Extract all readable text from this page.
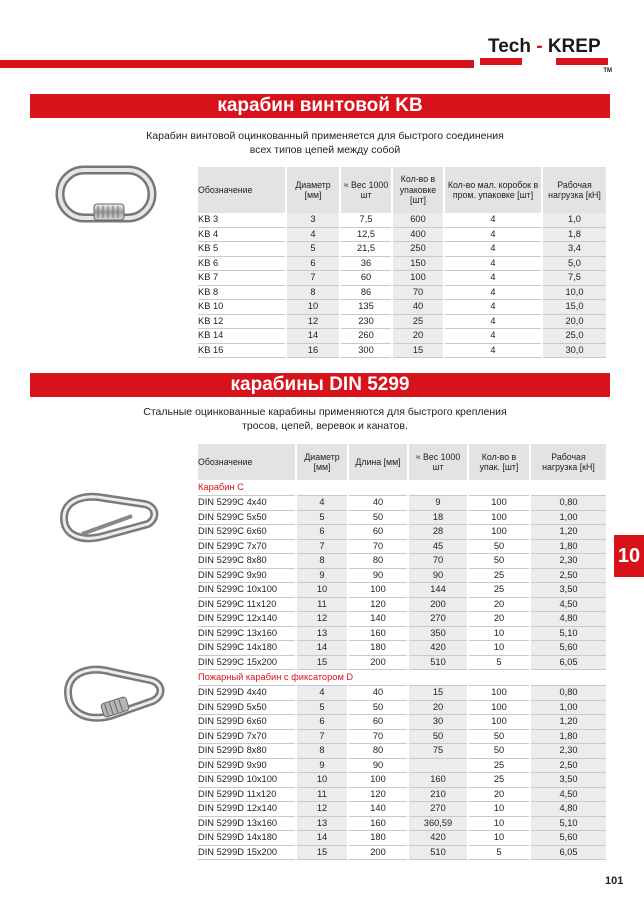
Tech - KREP
TM
карабин винтовой KB
Карабин винтовой оцинкованный применяется для быстрого соединения
всех типов цепей между собой
Обозначение	Диаметр [мм]	≈ Вес 1000 шт	Кол-во в упаковке [шт]	Кол-во мал. коробок в пром. упаковке [шт]	Рабочая нагрузка [кН]
KB 3	3	7,5	600	4	1,0
KB 4	4	12,5	400	4	1,8
KB 5	5	21,5	250	4	3,4
KB 6	6	36	150	4	5,0
KB 7	7	60	100	4	7,5
KB 8	8	86	70	4	10,0
KB 10	10	135	40	4	15,0
KB 12	12	230	25	4	20,0
KB 14	14	260	20	4	25,0
KB 16	16	300	15	4	30,0
карабины DIN 5299
Стальные оцинкованные карабины применяются для быстрого крепления
тросов, цепей, веревок и канатов.
Обозначение	Диаметр [мм]	Длина [мм]	≈ Вес 1000 шт	Кол-во в упак. [шт]	Рабочая нагрузка [кН]
Карабин С					
DIN 5299C 4x40	4	40	9	100	0,80
DIN 5299C 5x50	5	50	18	100	1,00
DIN 5299C 6x60	6	60	28	100	1,20
DIN 5299C 7x70	7	70	45	50	1,80
DIN 5299C 8x80	8	80	70	50	2,30
DIN 5299C 9x90	9	90	90	25	2,50
DIN 5299C 10x100	10	100	144	25	3,50
DIN 5299C 11x120	11	120	200	20	4,50
DIN 5299C 12x140	12	140	270	20	4,80
DIN 5299C 13x160	13	160	350	10	5,10
DIN 5299C 14x180	14	180	420	10	5,60
DIN 5299C 15x200	15	200	510	5	6,05
Пожарный карабин с фиксатором D					
DIN 5299D 4x40	4	40	15	100	0,80
DIN 5299D 5x50	5	50	20	100	1,00
DIN 5299D 6x60	6	60	30	100	1,20
DIN 5299D 7x70	7	70	50	50	1,80
DIN 5299D 8x80	8	80	75	50	2,30
DIN 5299D 9x90	9	90		25	2,50
DIN 5299D 10x100	10	100	160	25	3,50
DIN 5299D 11x120	11	120	210	20	4,50
DIN 5299D 12x140	12	140	270	10	4,80
DIN 5299D 13x160	13	160	360,59	10	5,10
DIN 5299D 14x180	14	180	420	10	5,60
DIN 5299D 15x200	15	200	510	5	6,05
10
101
